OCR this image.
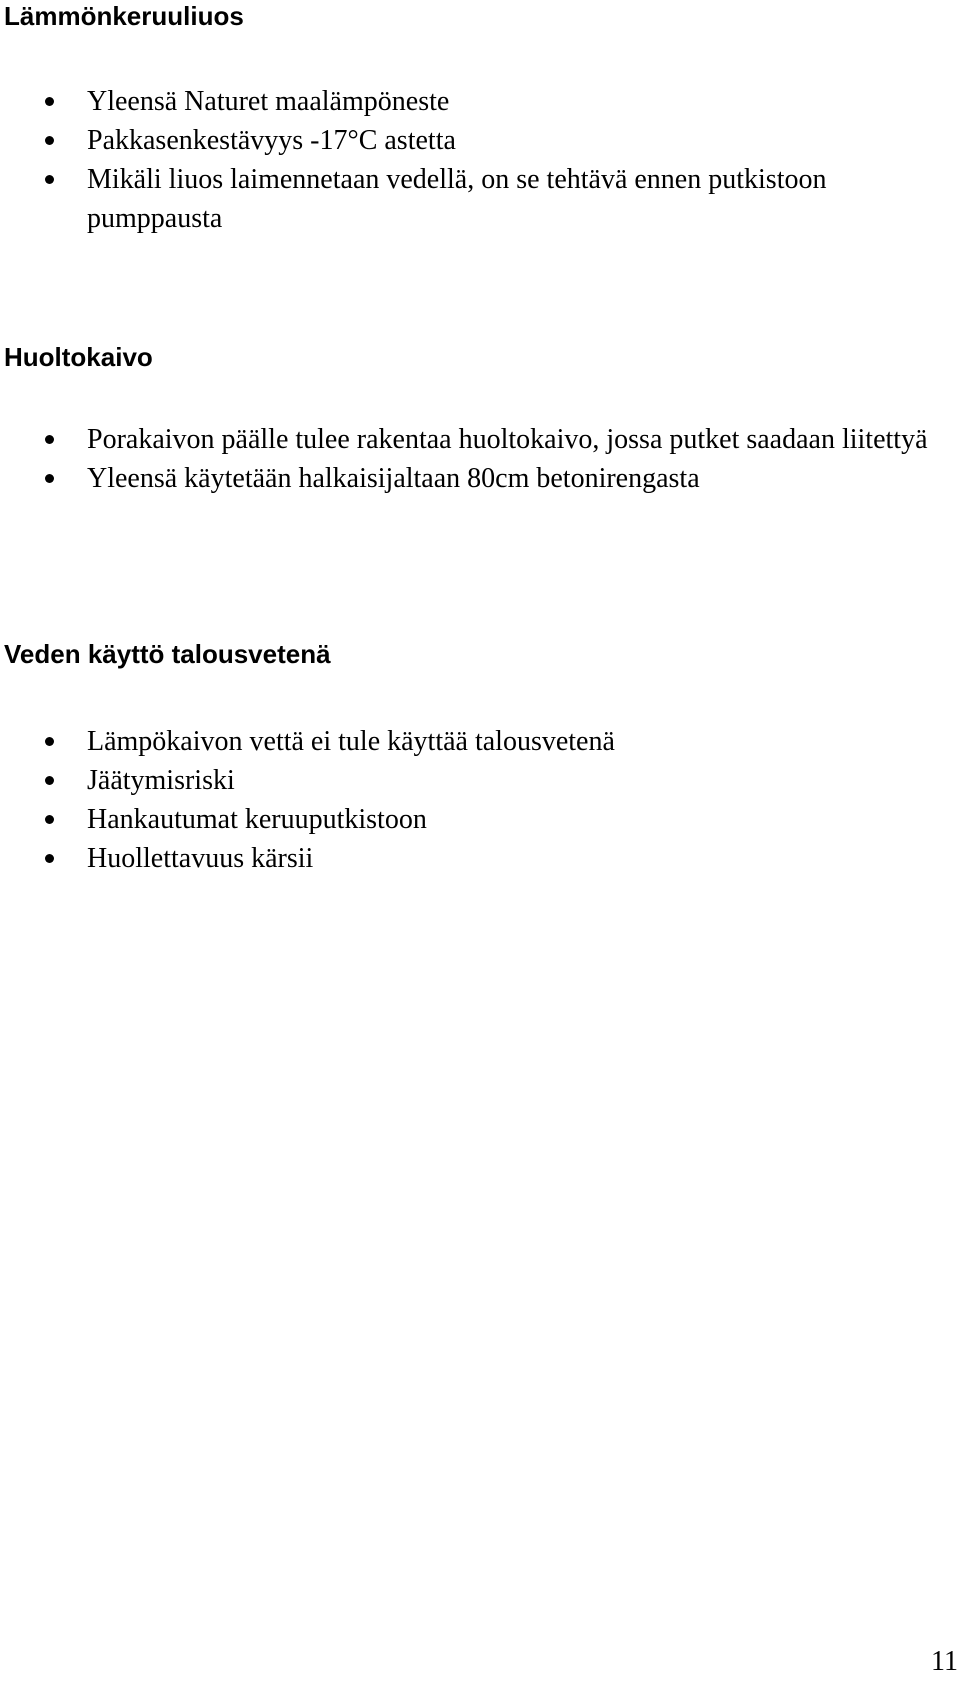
Lämmönkeruuliuos
Yleensä Naturet maalämpöneste
Pakkasenkestävyys -17°C astetta
Mikäli liuos laimennetaan vedellä, on se tehtävä ennen putkistoon pumppausta
Huoltokaivo
Porakaivon päälle tulee rakentaa huoltokaivo, jossa putket saadaan liitettyä
Yleensä käytetään halkaisijaltaan 80cm betonirengasta
Veden käyttö talousvetenä
Lämpökaivon vettä ei tule käyttää talousvetenä
Jäätymisriski
Hankautumat keruuputkistoon
Huollettavuus kärsii
11
